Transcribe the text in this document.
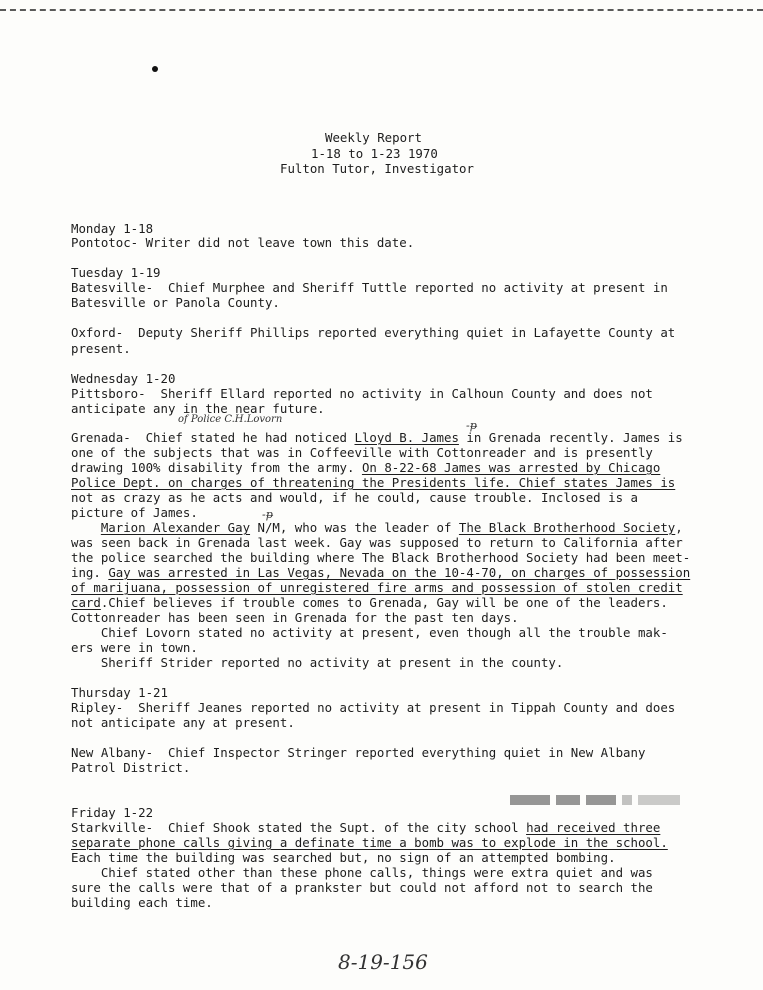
Weekly Report
1-18 to 1-23 1970
Fulton Tutor, Investigator
Monday 1-18
Pontotoc- Writer did not leave town this date.
Tuesday 1-19
Batesville-  Chief Murphee and Sheriff Tuttle reported no activity at present in
Batesville or Panola County.
Oxford-  Deputy Sheriff Phillips reported everything quiet in Lafayette County at
present.
Wednesday 1-20
Pittsboro-  Sheriff Ellard reported no activity in Calhoun County and does not
anticipate any in the near future.
of Police C.H.Lovorn	-ᵽ
Grenada-  Chief stated he had noticed Lloyd B. James in Grenada recently. James is
one of the subjects that was in Coffeeville with Cottonreader and is presently
drawing 100% disability from the army. On 8-22-68 James was arrested by Chicago
Police Dept. on charges of threatening the Presidents life. Chief states James is
not as crazy as he acts and would, if he could, cause trouble. Inclosed is a
picture of James.	-ᵽ
Marion Alexander Gay N/M, who was the leader of The Black Brotherhood Society,
was seen back in Grenada last week. Gay was supposed to return to California after
the police searched the building where The Black Brotherhood Society had been meet-
ing. Gay was arrested in Las Vegas, Nevada on the 10-4-70, on charges of possession
of marijuana, possession of unregistered fire arms and possession of stolen credit
card.Chief believes if trouble comes to Grenada, Gay will be one of the leaders.
Cottonreader has been seen in Grenada for the past ten days.
Chief Lovorn stated no activity at present, even though all the trouble mak-
ers were in town.
Sheriff Strider reported no activity at present in the county.
Thursday 1-21
Ripley-  Sheriff Jeanes reported no activity at present in Tippah County and does
not anticipate any at present.
New Albany-  Chief Inspector Stringer reported everything quiet in New Albany
Patrol District.
Friday 1-22
Starkville-  Chief Shook stated the Supt. of the city school had received three
separate phone calls giving a definate time a bomb was to explode in the school.
Each time the building was searched but, no sign of an attempted bombing.
Chief stated other than these phone calls, things were extra quiet and was
sure the calls were that of a prankster but could not afford not to search the
building each time.
8-19-156
